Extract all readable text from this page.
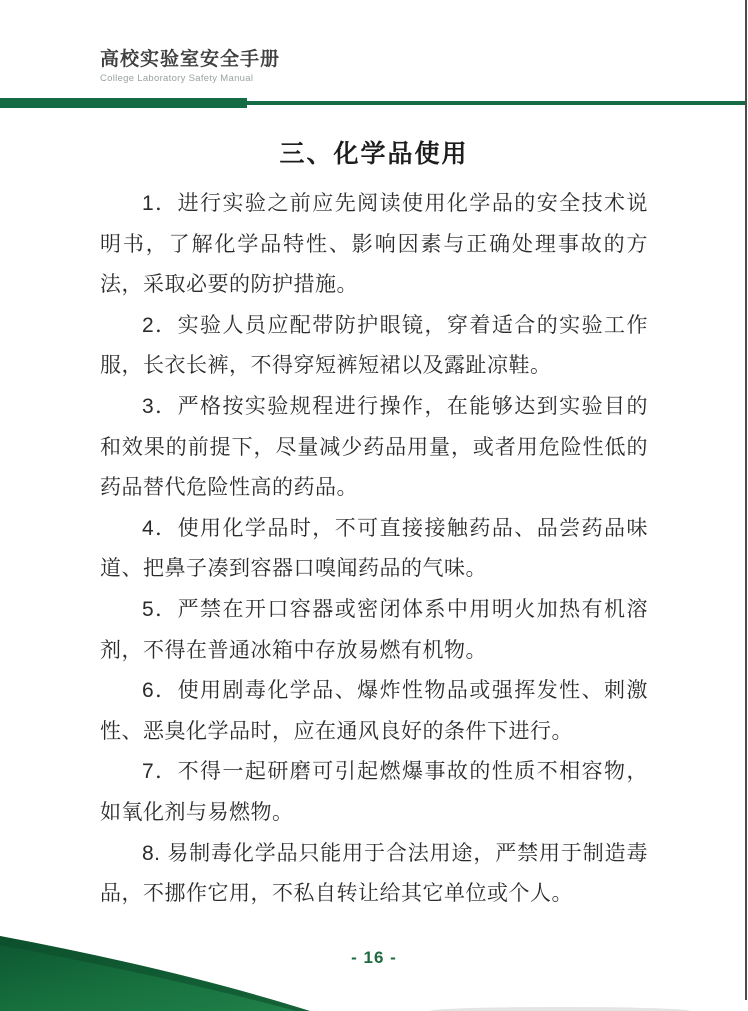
高校实验室安全手册
College Laboratory Safety Manual
三、化学品使用

1．进行实验之前应先阅读使用化学品的安全技术说明书，了解化学品特性、影响因素与正确处理事故的方法，采取必要的防护措施。

2．实验人员应配带防护眼镜，穿着适合的实验工作服，长衣长裤，不得穿短裤短裙以及露趾凉鞋。

3．严格按实验规程进行操作，在能够达到实验目的和效果的前提下，尽量减少药品用量，或者用危险性低的药品替代危险性高的药品。

4．使用化学品时，不可直接接触药品、品尝药品味道、把鼻子凑到容器口嗅闻药品的气味。

5．严禁在开口容器或密闭体系中用明火加热有机溶剂，不得在普通冰箱中存放易燃有机物。

6．使用剧毒化学品、爆炸性物品或强挥发性、刺激性、恶臭化学品时，应在通风良好的条件下进行。

7．不得一起研磨可引起燃爆事故的性质不相容物，如氧化剂与易燃物。

8. 易制毒化学品只能用于合法用途，严禁用于制造毒品，不挪作它用，不私自转让给其它单位或个人。

- 16 -
